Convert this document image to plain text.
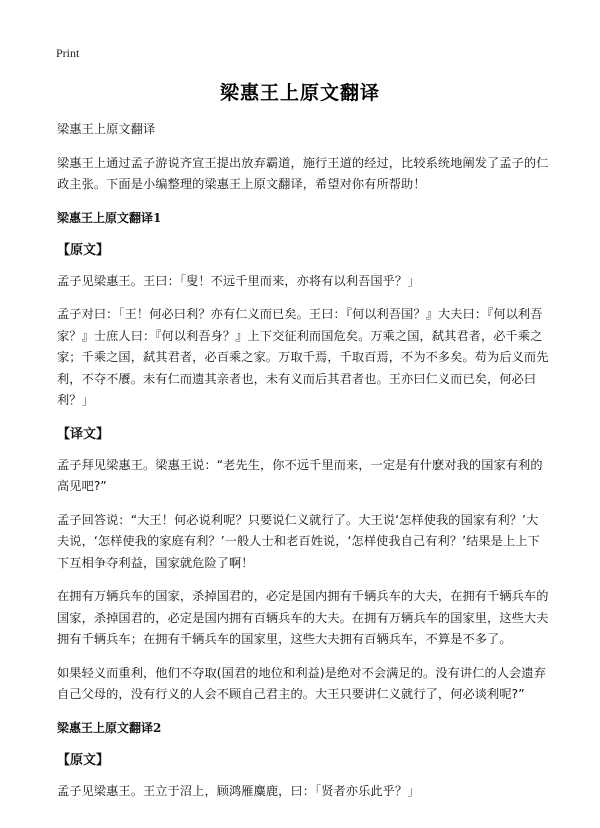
Print
梁惠王上原文翻译

梁惠王上原文翻译

梁惠王上通过孟子游说齐宣王提出放弃霸道，施行王道的经过，比较系统地阐发了孟子的仁政主张。下面是小编整理的梁惠王上原文翻译，希望对你有所帮助！

梁惠王上原文翻译1
【原文】

孟子见梁惠王。王曰：「叟！不远千里而来，亦将有以利吾国乎？」

孟子对曰：「王！何必曰利？亦有仁义而已矣。王曰：『何以利吾国？』大夫曰：『何以利吾家？』士庶人曰：『何以利吾身？』上下交征利而国危矣。万乘之国，弑其君者，必千乘之家；千乘之国，弑其君者，必百乘之家。万取千焉，千取百焉，不为不多矣。苟为后义而先利，不夺不餍。未有仁而遗其亲者也，未有义而后其君者也。王亦曰仁义而已矣，何必曰利？」

【译文】

孟子拜见梁惠王。梁惠王说：“老先生，你不远千里而来，一定是有什麽对我的国家有利的高见吧?”

孟子回答说：“大王！何必说利呢？只要说仁义就行了。大王说‘怎样使我的国家有利？’大夫说，‘怎样使我的家庭有利？’一般人士和老百姓说，‘怎样使我自己有利？’结果是上上下下互相争夺利益，国家就危险了啊！

在拥有万辆兵车的国家，杀掉国君的，必定是国内拥有千辆兵车的大夫，在拥有千辆兵车的国家，杀掉国君的，必定是国内拥有百辆兵车的大夫。在拥有万辆兵车的国家里，这些大夫拥有千辆兵车；在拥有千辆兵车的国家里，这些大夫拥有百辆兵车，不算是不多了。

如果轻义而重利，他们不夺取(国君的地位和利益)是绝对不会满足的。没有讲仁的人会遗弃自己父母的，没有行义的人会不顾自己君主的。大王只要讲仁义就行了，何必谈利呢?”

梁惠王上原文翻译2
【原文】

孟子见梁惠王。王立于沼上，顾鸿雁麋鹿，曰：「贤者亦乐此乎？」
